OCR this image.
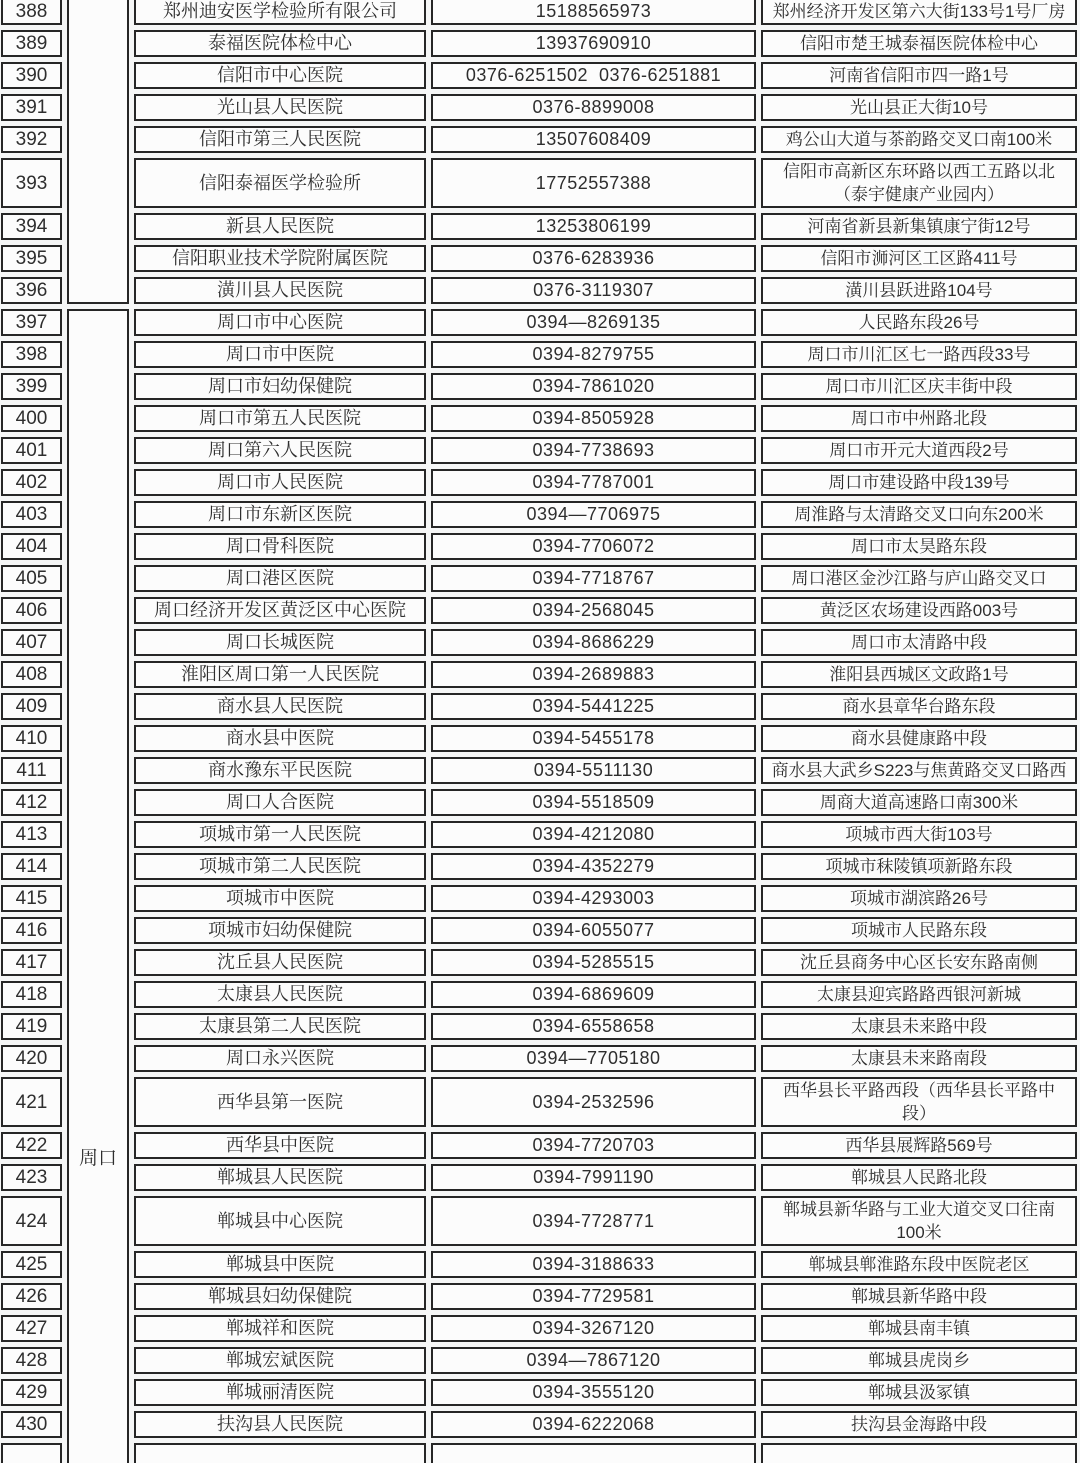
388		郑州迪安医学检验所有限公司	15188565973	郑州经济开发区第六大街133号1号厂房
389		泰福医院体检中心	13937690910	信阳市楚王城泰福医院体检中心
390		信阳市中心医院	0376-6251502  0376-6251881	河南省信阳市四一路1号
391		光山县人民医院	0376-8899008	光山县正大街10号
392		信阳市第三人民医院	13507608409	鸡公山大道与茶韵路交叉口南100米
393		信阳泰福医学检验所	17752557388	信阳市高新区东环路以西工五路以北（泰宇健康产业园内）
394		新县人民医院	13253806199	河南省新县新集镇康宁街12号
395		信阳职业技术学院附属医院	0376-6283936	信阳市浉河区工区路411号
396		潢川县人民医院	0376-3119307	潢川县跃进路104号
397	周口	周口市中心医院	0394—8269135	人民路东段26号
398		周口市中医院	0394-8279755	周口市川汇区七一路西段33号
399		周口市妇幼保健院	0394-7861020	周口市川汇区庆丰街中段
400		周口市第五人民医院	0394-8505928	周口市中州路北段
401		周口第六人民医院	0394-7738693	周口市开元大道西段2号
402		周口市人民医院	0394-7787001	周口市建设路中段139号
403		周口市东新区医院	0394—7706975	周淮路与太清路交叉口向东200米
404		周口骨科医院	0394-7706072	周口市太昊路东段
405		周口港区医院	0394-7718767	周口港区金沙江路与庐山路交叉口
406		周口经济开发区黄泛区中心医院	0394-2568045	黄泛区农场建设西路003号
407		周口长城医院	0394-8686229	周口市太清路中段
408		淮阳区周口第一人民医院	0394-2689883	淮阳县西城区文政路1号
409		商水县人民医院	0394-5441225	商水县章华台路东段
410		商水县中医院	0394-5455178	商水县健康路中段
411		商水豫东平民医院	0394-5511130	商水县大武乡S223与焦黄路交叉口路西
412		周口人合医院	0394-5518509	周商大道高速路口南300米
413		项城市第一人民医院	0394-4212080	项城市西大街103号
414		项城市第二人民医院	0394-4352279	项城市秣陵镇项新路东段
415		项城市中医院	0394-4293003	项城市湖滨路26号
416		项城市妇幼保健院	0394-6055077	项城市人民路东段
417		沈丘县人民医院	0394-5285515	沈丘县商务中心区长安东路南侧
418		太康县人民医院	0394-6869609	太康县迎宾路路西银河新城
419		太康县第二人民医院	0394-6558658	太康县未来路中段
420		周口永兴医院	0394—7705180	太康县未来路南段
421		西华县第一医院	0394-2532596	西华县长平路西段（西华县长平路中段）
422		西华县中医院	0394-7720703	西华县展辉路569号
423		郸城县人民医院	0394-7991190	郸城县人民路北段
424		郸城县中心医院	0394-7728771	郸城县新华路与工业大道交叉口往南100米
425		郸城县中医院	0394-3188633	郸城县郸淮路东段中医院老区
426		郸城县妇幼保健院	0394-7729581	郸城县新华路中段
427		郸城祥和医院	0394-3267120	郸城县南丰镇
428		郸城宏斌医院	0394—7867120	郸城县虎岗乡
429		郸城丽清医院	0394-3555120	郸城县汲冢镇
430		扶沟县人民医院	0394-6222068	扶沟县金海路中段
